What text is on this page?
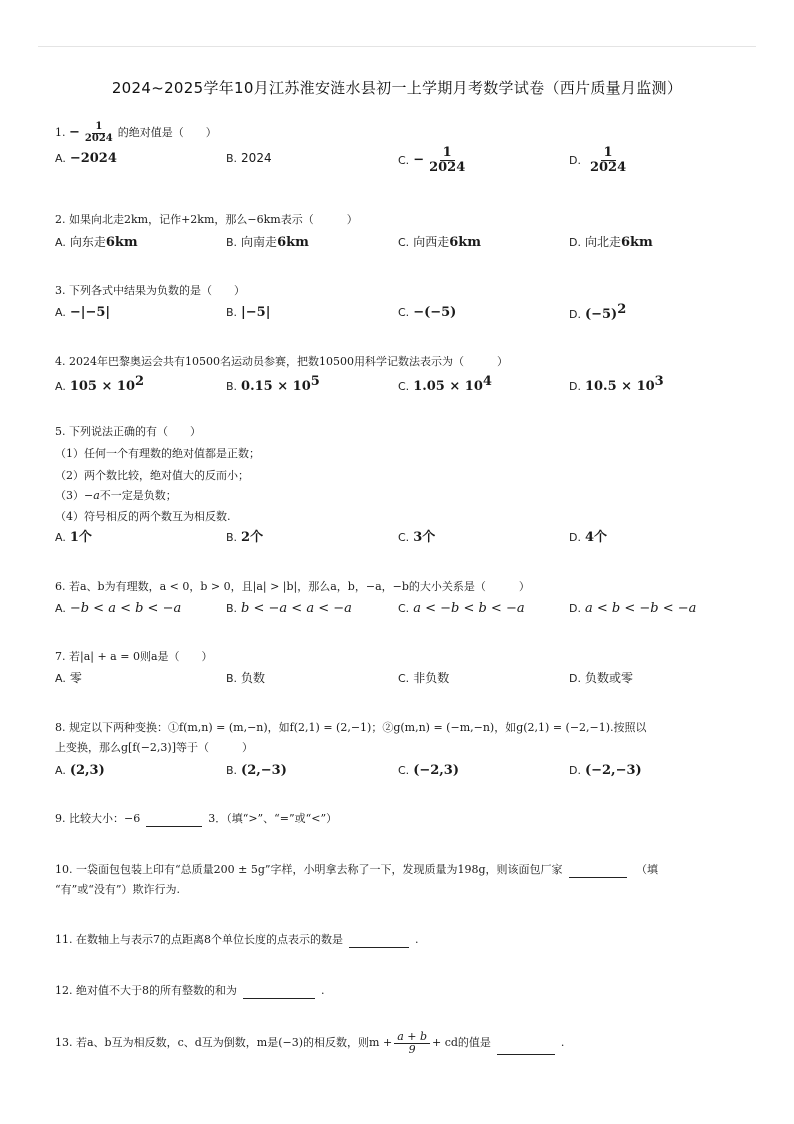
2024~2025学年10月江苏淮安涟水县初一上学期月考数学试卷（西片质量月监测）
1. − $\frac{1}{2024}$ 的绝对值是（　　）
A. −2024	B. 2024	C. − $\frac{1}{2024}$	D. $\frac{1}{2024}$
2. 如果向北走2km，记作+2km，那么−6km表示（　　　）
A. 向东走6km	B. 向南走6km	C. 向西走6km	D. 向北走6km
3. 下列各式中结果为负数的是（　　）
A. −|−5|	B. |−5|	C. −(−5)	D. $(-5)^2$
4. 2024年巴黎奥运会共有10500名运动员参赛，把数10500用科学记数法表示为（　　　）
A. $105 \times 10^2$	B. $0.15 \times 10^5$	C. $1.05 \times 10^4$	D. $10.5 \times 10^3$
5. 下列说法正确的有（　　）
（1）任何一个有理数的绝对值都是正数；
（2）两个数比较，绝对值大的反而小；
（3）−a不一定是负数；
（4）符号相反的两个数互为相反数.
A. 1个	B. 2个	C. 3个	D. 4个
6. 若a、b为有理数，a < 0，b > 0，且|a| > |b|，那么a，b，−a，−b的大小关系是（　　　）
A. −b < a < b < −a	B. b < −a < a < −a	C. a < −b < b < −a	D. a < b < −b < −a
7. 若|a| + a = 0则a是（　　）
A. 零	B. 负数	C. 非负数	D. 负数或零
8. 规定以下两种变换：①f(m,n) = (m,−n)，如f(2,1) = (2,−1)；②g(m,n) = (−m,−n)，如g(2,1) = (−2,−1).按照以
上变换，那么g[f(−2,3)]等于（　　　）
A. (2,3)	B. (2,−3)	C. (−2,3)	D. (−2,−3)
9. 比较大小：−6	3．（填“>”、“=”或“<”）
10. 一袋面包包装上印有“总质量200 ± 5g”字样，小明拿去称了一下，发现质量为198g，则该面包厂家	（填
“有”或“没有”）欺诈行为.
11. 在数轴上与表示7的点距离8个单位长度的点表示的数是	.
12. 绝对值不大于8的所有整数的和为	.
13. 若a、b互为相反数，c、d互为倒数，m是(−3)的相反数，则$m + \frac{a + b}{9}$ + cd的值是	.
